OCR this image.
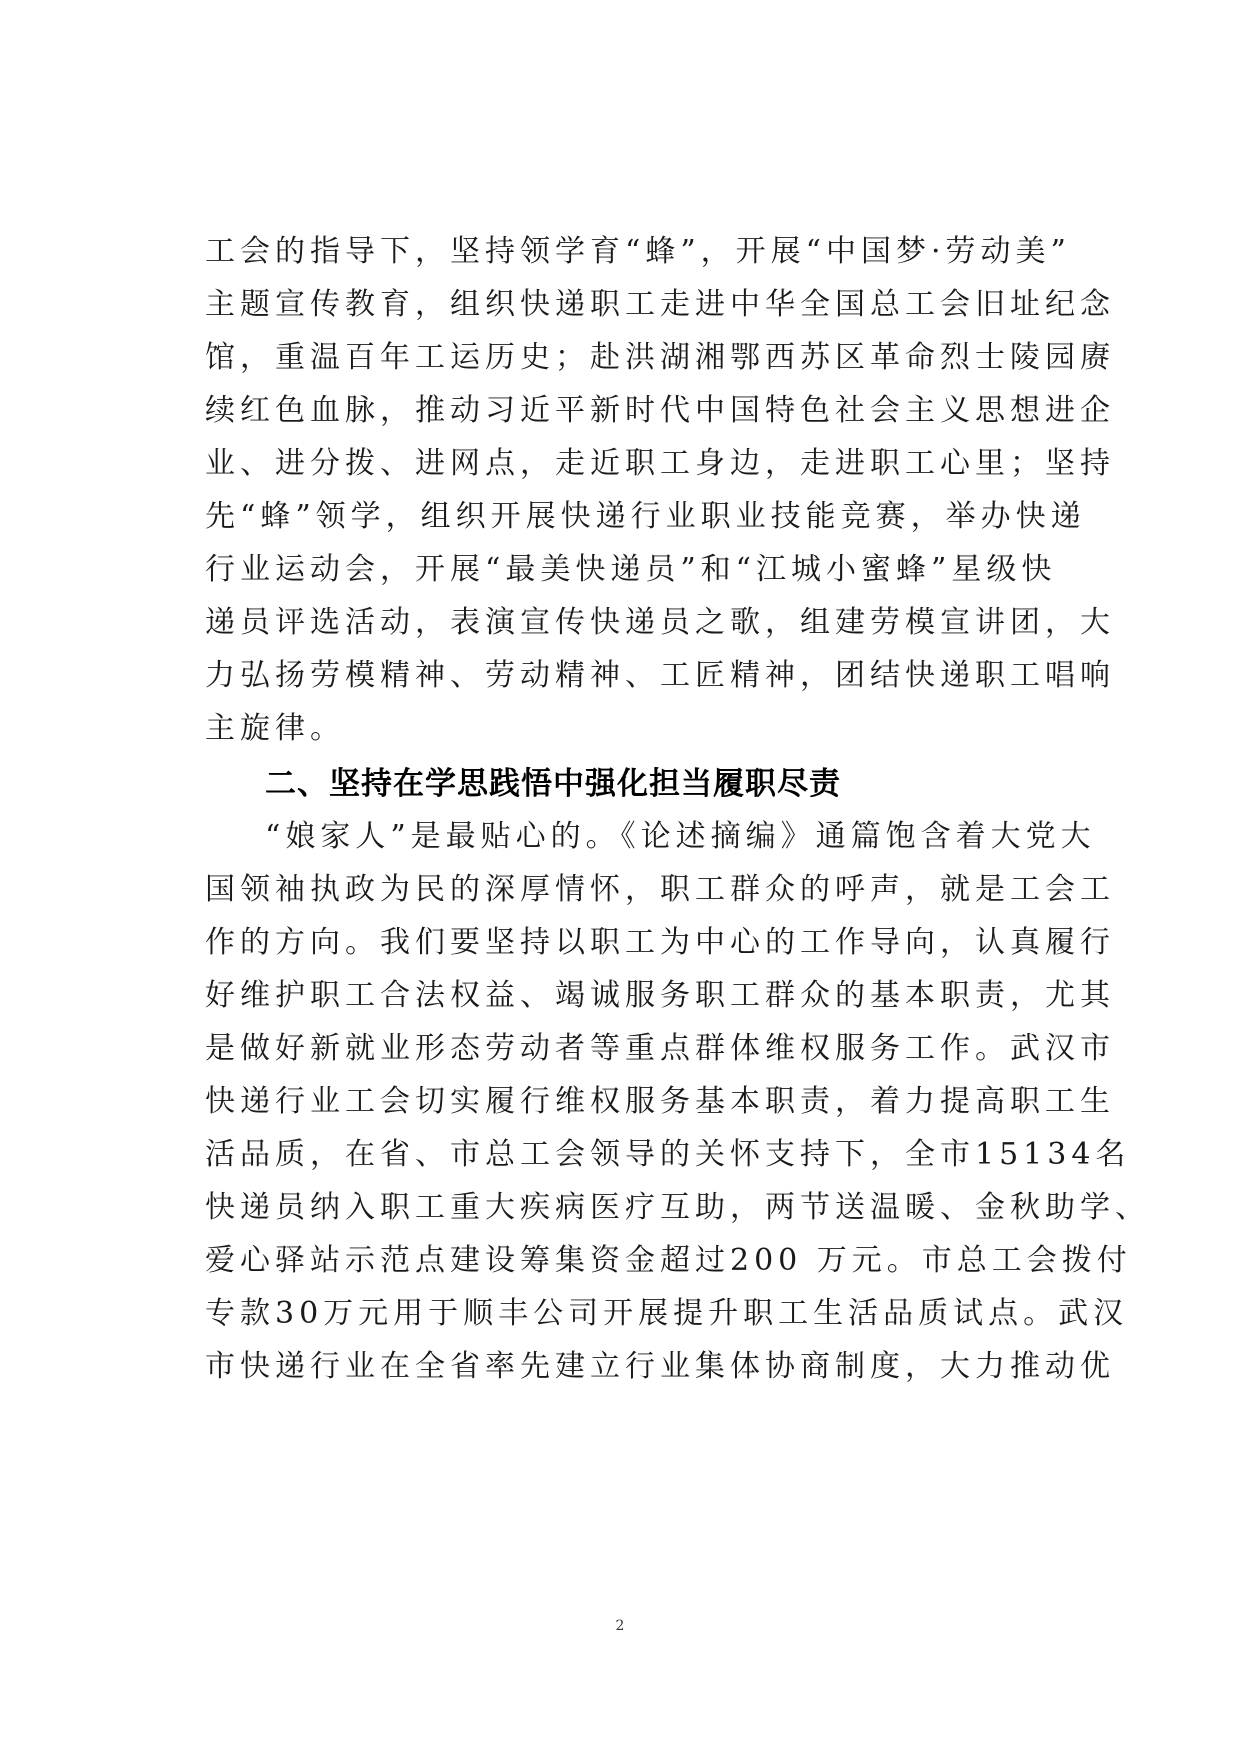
工会的指导下，坚持领学育“蜂”，开展“中国梦·劳动美”
主题宣传教育，组织快递职工走进中华全国总工会旧址纪念
馆，重温百年工运历史；赴洪湖湘鄂西苏区革命烈士陵园赓
续红色血脉，推动习近平新时代中国特色社会主义思想进企
业、进分拨、进网点，走近职工身边，走进职工心里；坚持
先“蜂”领学，组织开展快递行业职业技能竞赛，举办快递
行业运动会，开展“最美快递员”和“江城小蜜蜂”星级快
递员评选活动，表演宣传快递员之歌，组建劳模宣讲团，大
力弘扬劳模精神、劳动精神、工匠精神，团结快递职工唱响
主旋律。
二、坚持在学思践悟中强化担当履职尽责
“娘家人”是最贴心的。《论述摘编》通篇饱含着大党大
国领袖执政为民的深厚情怀，职工群众的呼声，就是工会工
作的方向。我们要坚持以职工为中心的工作导向，认真履行
好维护职工合法权益、竭诚服务职工群众的基本职责，尤其
是做好新就业形态劳动者等重点群体维权服务工作。武汉市
快递行业工会切实履行维权服务基本职责，着力提高职工生
活品质，在省、市总工会领导的关怀支持下，全市15134名
快递员纳入职工重大疾病医疗互助，两节送温暖、金秋助学、
爱心驿站示范点建设筹集资金超过200 万元。市总工会拨付
专款30万元用于顺丰公司开展提升职工生活品质试点。武汉
市快递行业在全省率先建立行业集体协商制度，大力推动优
2
